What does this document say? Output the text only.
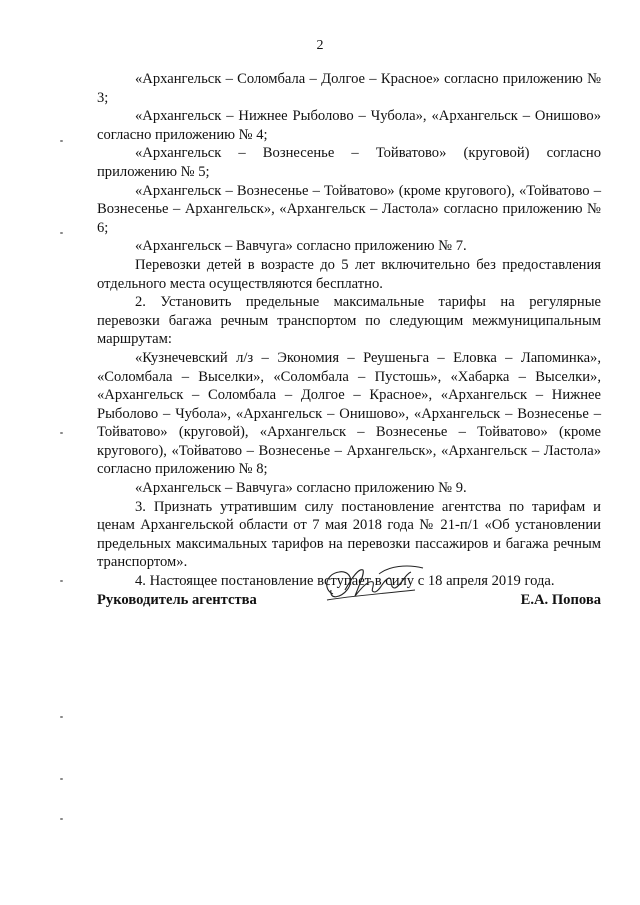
2

«Архангельск – Соломбала – Долгое – Красное» согласно приложению № 3;

«Архангельск – Нижнее Рыболово – Чубола», «Архангельск – Онишово» согласно приложению № 4;

«Архангельск – Вознесенье – Тойватово» (круговой) согласно приложению № 5;

«Архангельск – Вознесенье – Тойватово» (кроме кругового), «Тойватово – Вознесенье – Архангельск», «Архангельск – Ластола» согласно приложению № 6;

«Архангельск – Вавчуга» согласно приложению № 7.

Перевозки детей в возрасте до 5 лет включительно без предоставления отдельного места осуществляются бесплатно.

2. Установить предельные максимальные тарифы на регулярные перевозки багажа речным транспортом по следующим межмуниципальным маршрутам:

«Кузнечевский л/з – Экономия – Реушеньга – Еловка – Лапоминка», «Соломбала – Выселки», «Соломбала – Пустошь», «Хабарка – Выселки», «Архангельск – Соломбала – Долгое – Красное», «Архангельск – Нижнее Рыболово – Чубола», «Архангельск – Онишово», «Архангельск – Вознесенье – Тойватово» (круговой), «Архангельск – Вознесенье – Тойватово» (кроме кругового), «Тойватово – Вознесенье – Архангельск», «Архангельск – Ластола» согласно приложению № 8;

«Архангельск – Вавчуга» согласно приложению № 9.

3. Признать утратившим силу постановление агентства по тарифам и ценам Архангельской области от 7 мая 2018 года № 21-п/1 «Об установлении предельных максимальных тарифов на перевозки пассажиров и багажа речным транспортом».

4. Настоящее постановление вступает в силу с 18 апреля 2019 года.

Руководитель агентства	Е.А. Попова
